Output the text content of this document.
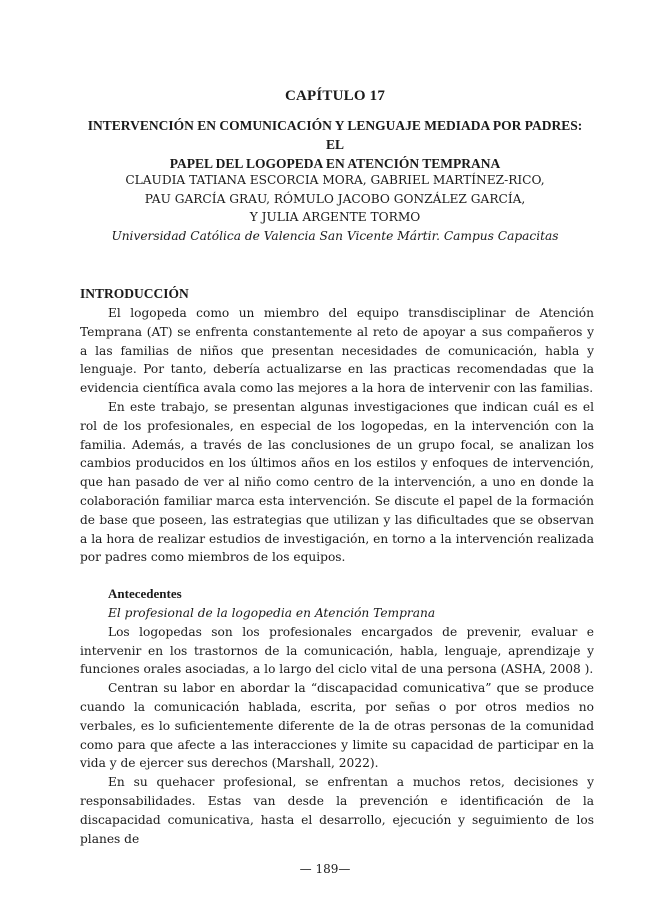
CAPÍTULO 17

INTERVENCIÓN EN COMUNICACIÓN Y LENGUAJE MEDIADA POR PADRES: EL

PAPEL DEL LOGOPEDA EN ATENCIÓN TEMPRANA

CLAUDIA TATIANA ESCORCIA MORA, GABRIEL MARTÍNEZ-RICO,
PAU GARCÍA GRAU, RÓMULO JACOBO GONZÁLEZ GARCÍA,
Y JULIA ARGENTE TORMO
Universidad Católica de Valencia San Vicente Mártir. Campus Capacitas

INTRODUCCIÓN

El logopeda como un miembro del equipo transdisciplinar de Atención Temprana (AT) se enfrenta constantemente al reto de apoyar a sus compañeros y a las familias de niños que presentan necesidades de comunicación, habla y lenguaje. Por tanto, debería actualizarse en las practicas recomendadas que la evidencia científica avala como las mejores a la hora de intervenir con las familias.

En este trabajo, se presentan algunas investigaciones que indican cuál es el rol de los profesionales, en especial de los logopedas, en la intervención con la familia. Además, a través de las conclusiones de un grupo focal, se analizan los cambios producidos en los últimos años en los estilos y enfoques de intervención, que han pasado de ver al niño como centro de la intervención, a uno en donde la colaboración familiar marca esta intervención. Se discute el papel de la formación de base que poseen, las estrategias que utilizan y las dificultades que se observan a la hora de realizar estudios de investigación, en torno a la intervención realizada por padres como miembros de los equipos.

Antecedentes

El profesional de la logopedia en Atención Temprana

Los logopedas son los profesionales encargados de prevenir, evaluar e intervenir en los trastornos de la comunicación, habla, lenguaje, aprendizaje y funciones orales asociadas, a lo largo del ciclo vital de una persona (ASHA, 2008 ).

Centran su labor en abordar la “discapacidad comunicativa” que se produce cuando la comunicación hablada, escrita, por señas o por otros medios no verbales, es lo suficientemente diferente de la de otras personas de la comunidad como para que afecte a las interacciones y limite su capacidad de participar en la vida y de ejercer sus derechos (Marshall, 2022).

En su quehacer profesional, se enfrentan a muchos retos, decisiones y responsabilidades. Estas van desde la prevención e identificación de la discapacidad comunicativa, hasta el desarrollo, ejecución y seguimiento de los planes de

— 189—
